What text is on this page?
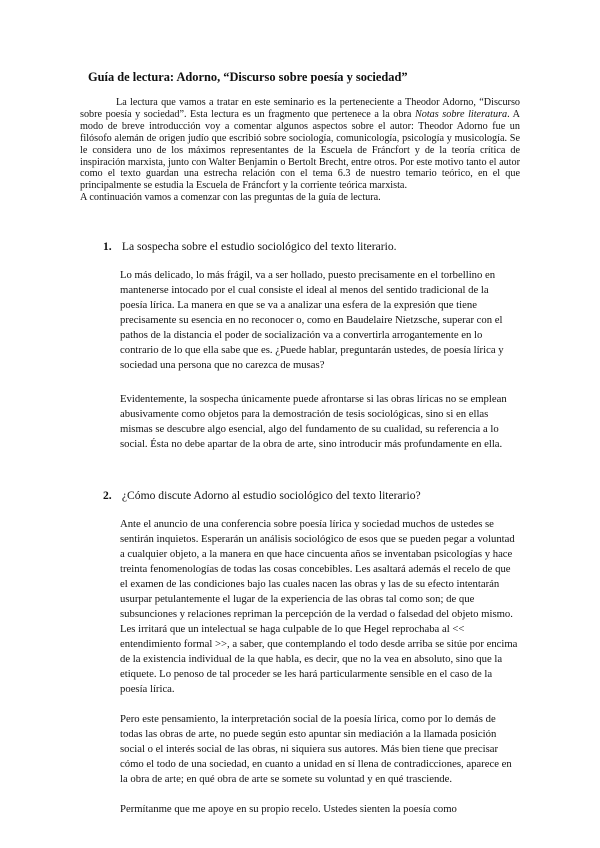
Guía de lectura: Adorno, “Discurso sobre poesía y sociedad”

La lectura que vamos a tratar en este seminario es la perteneciente a Theodor Adorno, “Discurso sobre poesía y sociedad”. Esta lectura es un fragmento que pertenece a la obra Notas sobre literatura. A modo de breve introducción voy a comentar algunos aspectos sobre el autor: Theodor Adorno fue un filósofo alemán de origen judío que escribió sobre sociología, comunicología, psicología y musicología. Se le considera uno de los máximos representantes de la Escuela de Fráncfort y de la teoría crítica de inspiración marxista, junto con Walter Benjamin o Bertolt Brecht, entre otros. Por este motivo tanto el autor como el texto guardan una estrecha relación con el tema 6.3 de nuestro temario teórico, en el que principalmente se estudia la Escuela de Fráncfort y la corriente teórica marxista.

A continuación vamos a comenzar con las preguntas de la guía de lectura.

1. La sospecha sobre el estudio sociológico del texto literario.

Lo más delicado, lo más frágil, va a ser hollado, puesto precisamente en el torbellino en mantenerse intocado por el cual consiste el ideal al menos del sentido tradicional de la poesía lírica. La manera en que se va a analizar una esfera de la expresión que tiene precisamente su esencia en no reconocer o, como en Baudelaire Nietzsche, superar con el pathos de la distancia el poder de socialización va a convertirla arrogantemente en lo contrario de lo que ella sabe que es. ¿Puede hablar, preguntarán ustedes, de poesía lírica y sociedad una persona que no carezca de musas?

Evidentemente, la sospecha únicamente puede afrontarse si las obras líricas no se emplean abusivamente como objetos para la demostración de tesis sociológicas, sino si en ellas mismas se descubre algo esencial, algo del fundamento de su cualidad, su referencia a lo social. Ésta no debe apartar de la obra de arte, sino introducir más profundamente en ella.

2. ¿Cómo discute Adorno al estudio sociológico del texto literario?

Ante el anuncio de una conferencia sobre poesía lírica y sociedad muchos de ustedes se sentirán inquietos. Esperarán un análisis sociológico de esos que se pueden pegar a voluntad a cualquier objeto, a la manera en que hace cincuenta años se inventaban psicologías y hace treinta fenomenologías de todas las cosas concebibles. Les asaltará además el recelo de que el examen de las condiciones bajo las cuales nacen las obras y las de su efecto intentarán usurpar petulantemente el lugar de la experiencia de las obras tal como son; de que subsunciones y relaciones repriman la percepción de la verdad o falsedad del objeto mismo. Les irritará que un intelectual se haga culpable de lo que Hegel reprochaba al << entendimiento formal >>, a saber, que contemplando el todo desde arriba se sitúe por encima de la existencia individual de la que habla, es decir, que no la vea en absoluto, sino que la etiquete. Lo penoso de tal proceder se les hará particularmente sensible en el caso de la poesía lírica.

Pero este pensamiento, la interpretación social de la poesía lírica, como por lo demás de todas las obras de arte, no puede según esto apuntar sin mediación a la llamada posición social o el interés social de las obras, ni siquiera sus autores. Más bien tiene que precisar cómo el todo de una sociedad, en cuanto a unidad en sí llena de contradicciones, aparece en la obra de arte; en qué obra de arte se somete su voluntad y en qué trasciende.

Permítanme que me apoye en su propio recelo. Ustedes sienten la poesía como
